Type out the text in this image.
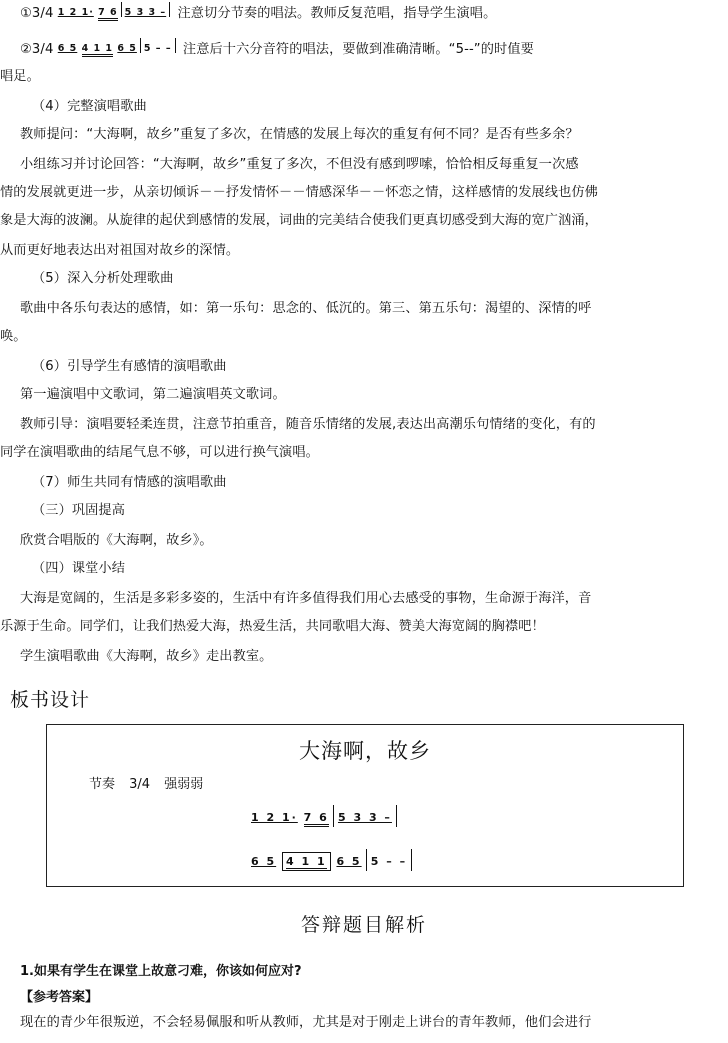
①3/4 1 2 1· 7 6 5 3 3 – 注意切分节奏的唱法。教师反复范唱，指导学生演唱。
②3/4 6 5 4 1 1 6 5 5 – – 注意后十六分音符的唱法，要做到准确清晰。“5--”的时值要
唱足。
（4）完整演唱歌曲
教师提问：“大海啊，故乡”重复了多次，在情感的发展上每次的重复有何不同？是否有些多余？
小组练习并讨论回答：“大海啊，故乡”重复了多次，不但没有感到啰嗦，恰恰相反每重复一次感
情的发展就更进一步，从亲切倾诉－－抒发情怀－－情感深华－－怀恋之情，这样感情的发展线也仿佛
象是大海的波澜。从旋律的起伏到感情的发展，词曲的完美结合使我们更真切感受到大海的宽广汹涌，
从而更好地表达出对祖国对故乡的深情。
（5）深入分析处理歌曲
歌曲中各乐句表达的感情，如：第一乐句：思念的、低沉的。第三、第五乐句：渴望的、深情的呼
唤。
（6）引导学生有感情的演唱歌曲
第一遍演唱中文歌词，第二遍演唱英文歌词。
教师引导：演唱要轻柔连贯，注意节拍重音，随音乐情绪的发展,表达出高潮乐句情绪的变化，有的
同学在演唱歌曲的结尾气息不够，可以进行换气演唱。
（7）师生共同有情感的演唱歌曲
（三）巩固提高
欣赏合唱版的《大海啊，故乡》。
（四）课堂小结
大海是宽阔的，生活是多彩多姿的，生活中有许多值得我们用心去感受的事物，生命源于海洋，音
乐源于生命。同学们，让我们热爱大海，热爱生活，共同歌唱大海、赞美大海宽阔的胸襟吧！
学生演唱歌曲《大海啊，故乡》走出教室。
板书设计
大海啊，故乡
节奏 3/4 强弱弱
1 2 1· 7 6 5 3 3 –
6 5 4 1 1 6 5 5 – –
答辩题目解析
1.如果有学生在课堂上故意刁难，你该如何应对?
【参考答案】
现在的青少年很叛逆，不会轻易佩服和听从教师，尤其是对于刚走上讲台的青年教师，他们会进行
